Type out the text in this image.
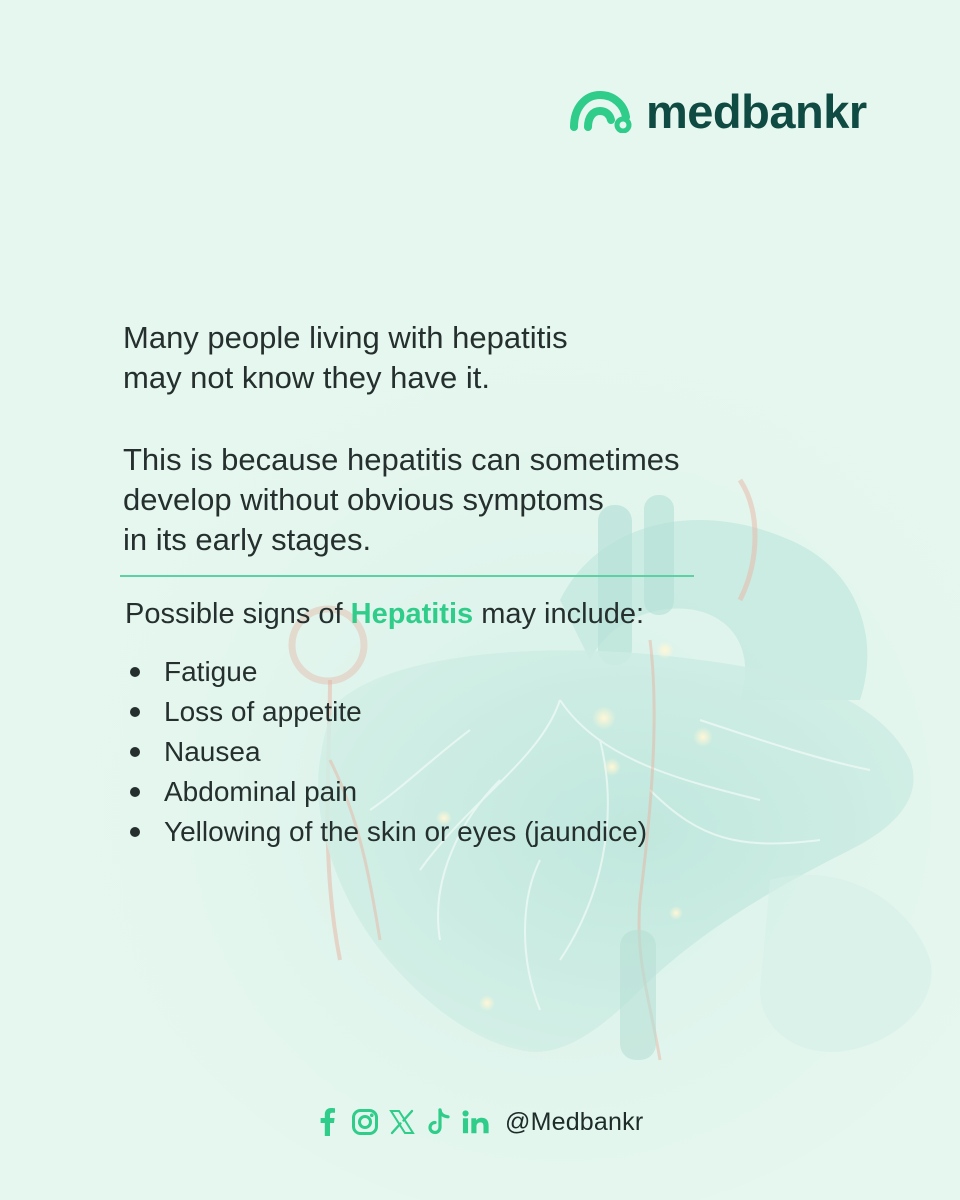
medbankr

Many people living with hepatitis
may not know they have it.

This is because hepatitis can sometimes
develop without obvious symptoms
in its early stages.

Possible signs of Hepatitis may include:
Fatigue
Loss of appetite
Nausea
Abdominal pain
Yellowing of the skin or eyes (jaundice)
@Medbankr
